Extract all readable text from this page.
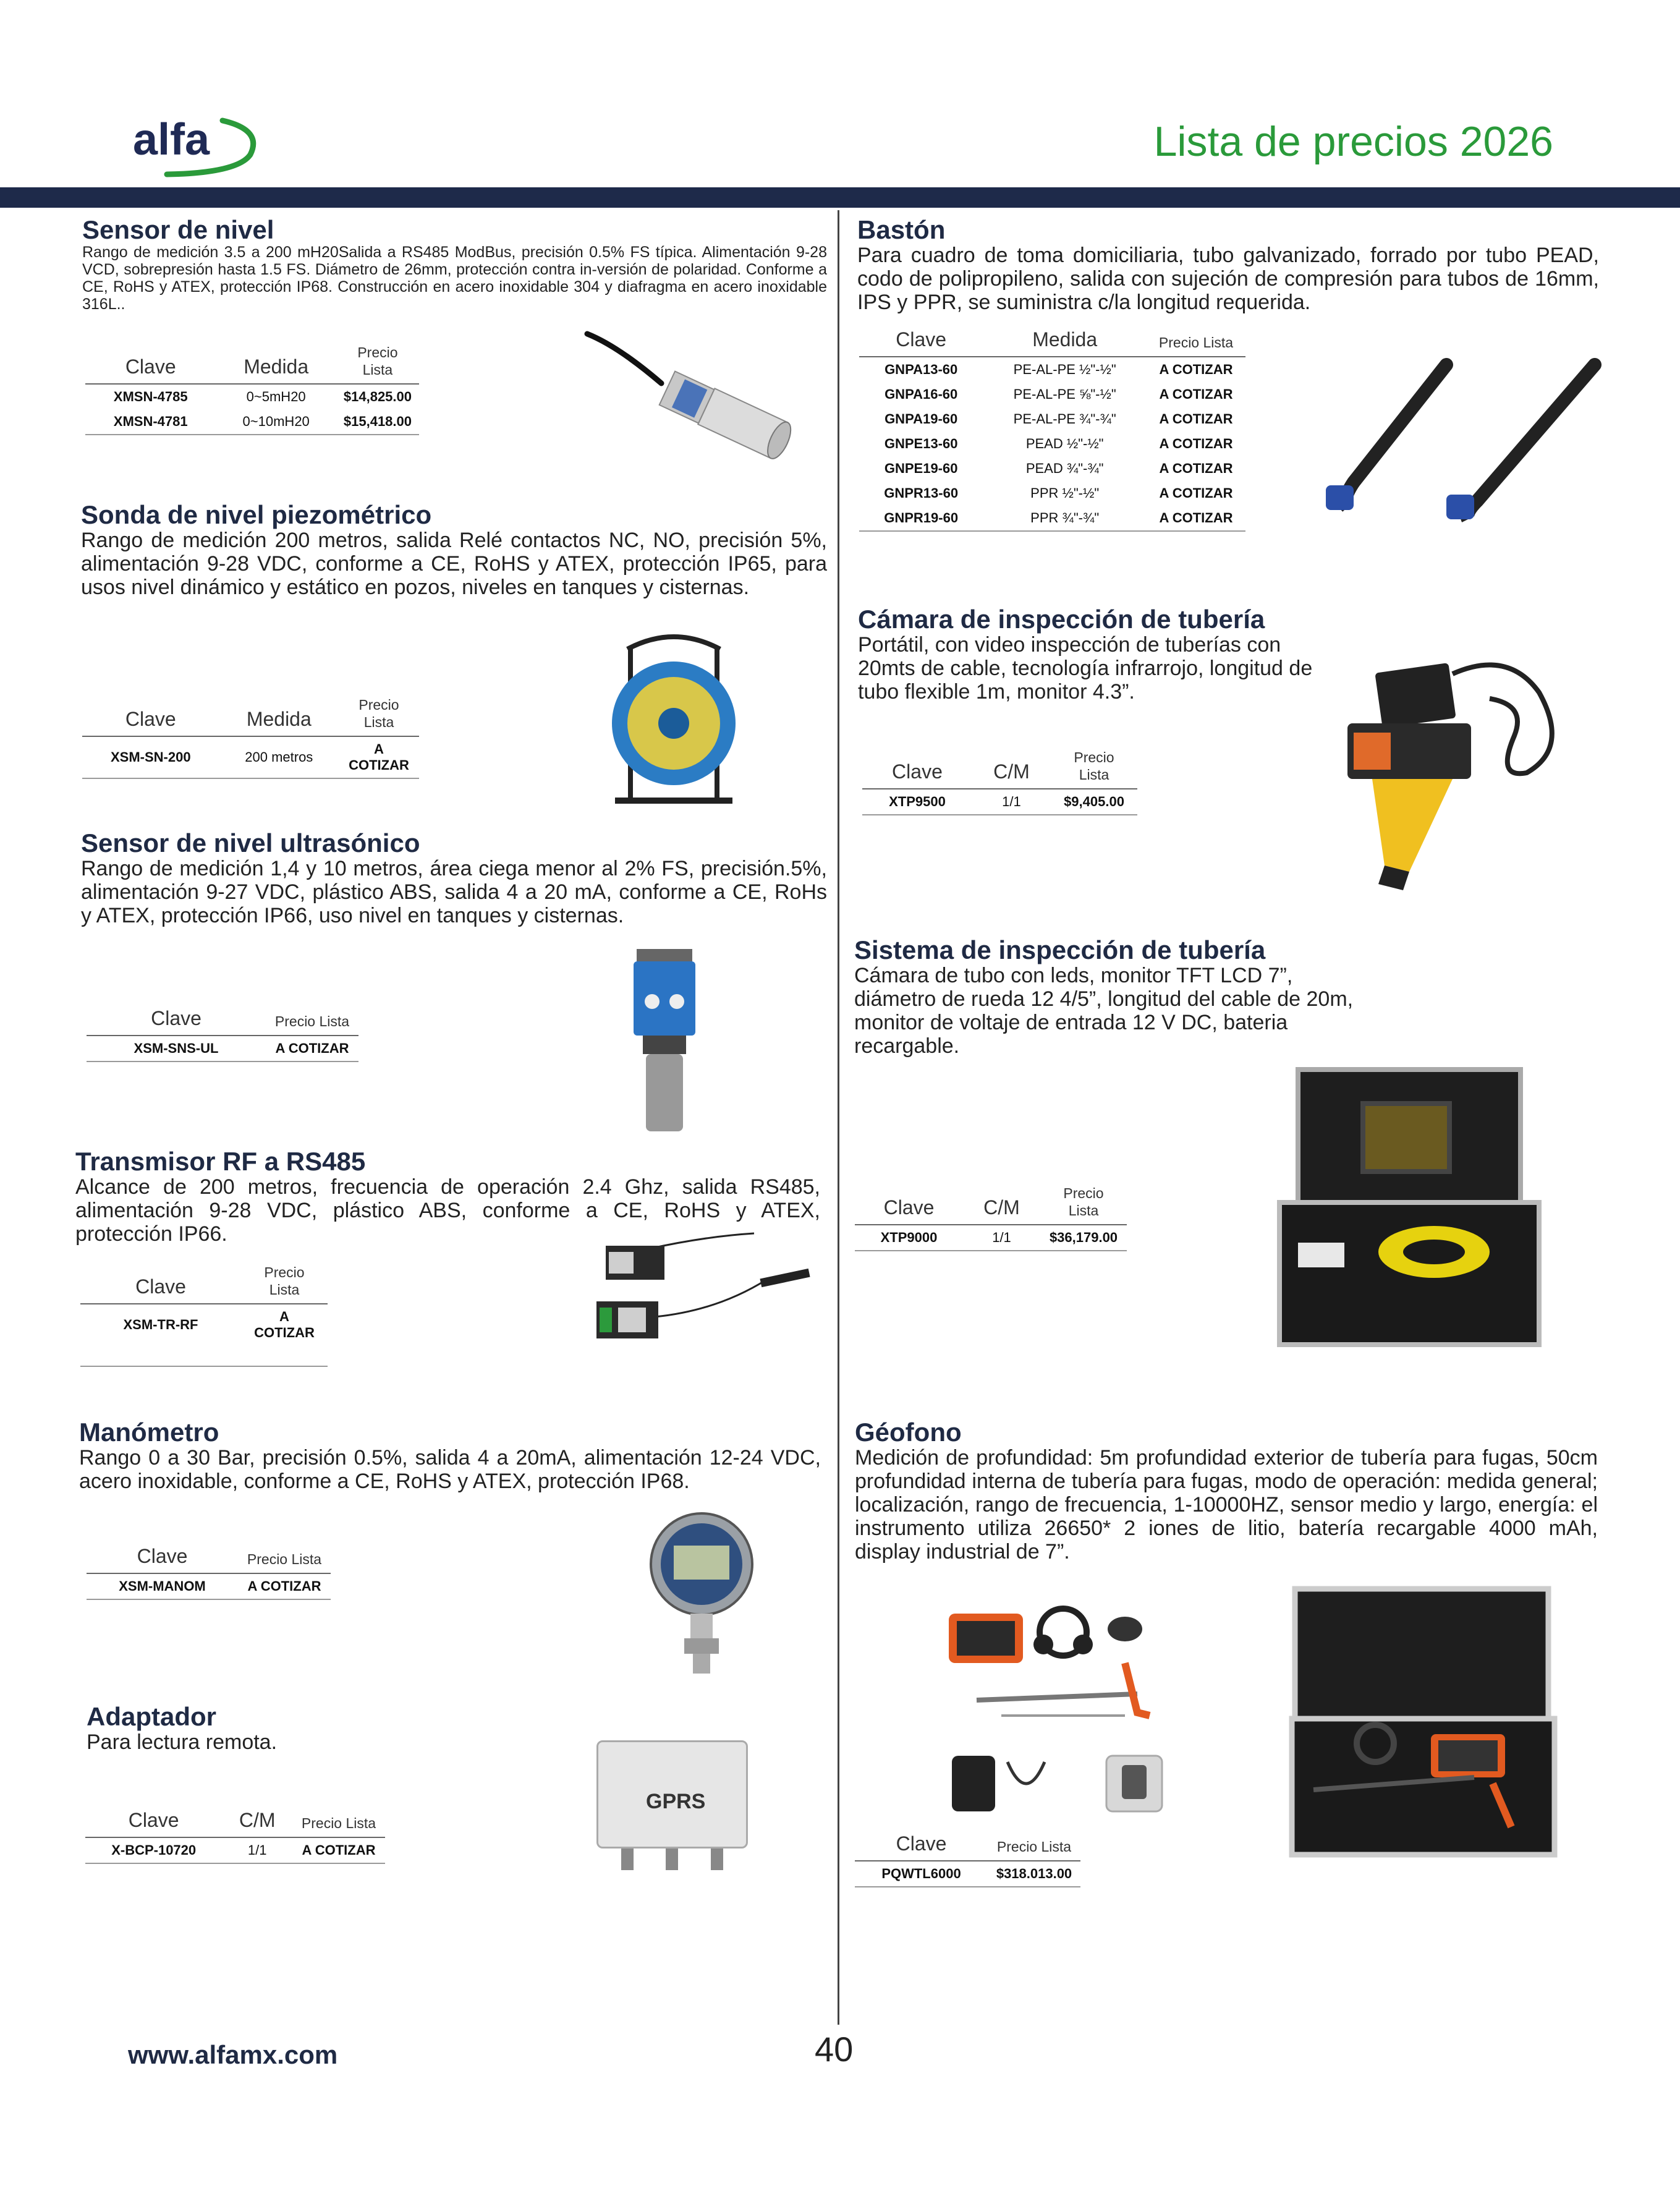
alfa	Lista de precios 2026
Sensor de nivel

Rango de medición 3.5 a 200 mH20Salida a RS485 ModBus, precisión 0.5% FS típica. Alimentación 9-28 VCD, sobrepresión hasta 1.5 FS. Diámetro de 26mm, protección contra in-versión de polaridad. Conforme a CE, RoHS y ATEX, protección IP68. Construcción en acero inoxidable 304 y diafragma en acero inoxidable 316L..

Clave	Medida	Precio Lista
XMSN-4785	0~5mH20	$14,825.00
XMSN-4781	0~10mH20	$15,418.00
Sonda de nivel piezométrico

Rango de medición 200 metros, salida Relé contactos NC, NO, precisión 5%, alimentación 9-28 VDC, conforme a CE, RoHS y ATEX, protección IP65, para usos nivel dinámico y estático en pozos, niveles en tanques y cisternas.

Clave	Medida	Precio Lista
XSM-SN-200	200 metros	A COTIZAR
Sensor de nivel ultrasónico

Rango de medición 1,4 y 10 metros, área ciega menor al 2% FS, precisión.5%, alimentación 9-27 VDC, plástico ABS, salida 4 a 20 mA, conforme a CE, RoHs y ATEX, protección IP66, uso nivel en tanques y cisternas.

Clave	Precio Lista
XSM-SNS-UL	A COTIZAR
Transmisor RF a RS485

Alcance de 200 metros, frecuencia de operación 2.4 Ghz, salida RS485, alimentación 9-28 VDC, plástico ABS, conforme a CE, RoHS y ATEX, protección IP66.

Clave	Precio Lista
XSM-TR-RF	A COTIZAR
Manómetro

Rango 0 a 30 Bar, precisión 0.5%, salida 4 a 20mA, alimentación 12-24 VDC, acero inoxidable, conforme a CE, RoHS y ATEX, protección IP68.

Clave	Precio Lista
XSM-MANOM	A COTIZAR
Adaptador

Para lectura remota.

Clave	C/M	Precio Lista
X-BCP-10720	1/1	A COTIZAR
GPRS
Bastón

Para cuadro de toma domiciliaria, tubo galvanizado, forrado por tubo PEAD, codo de polipropileno, salida con sujeción de compresión para tubos de 16mm, IPS y PPR, se suministra c/la longitud requerida.

Clave	Medida	Precio Lista
GNPA13-60	PE-AL-PE ½"-½"	A COTIZAR
GNPA16-60	PE-AL-PE ⅝"-½"	A COTIZAR
GNPA19-60	PE-AL-PE ¾"-¾"	A COTIZAR
GNPE13-60	PEAD ½"-½"	A COTIZAR
GNPE19-60	PEAD ¾"-¾"	A COTIZAR
GNPR13-60	PPR ½"-½"	A COTIZAR
GNPR19-60	PPR ¾"-¾"	A COTIZAR
Cámara de inspección de tubería

Portátil, con video inspección de tuberías con 20mts de cable, tecnología infrarrojo, longitud de tubo flexible 1m, monitor 4.3”.

Clave	C/M	Precio Lista
XTP9500	1/1	$9,405.00
Sistema de inspección de tubería

Cámara de tubo con leds, monitor TFT LCD 7”, diámetro de rueda 12 4/5”, longitud del cable de 20m, monitor de voltaje de entrada 12 V DC, bateria recargable.

Clave	C/M	Precio Lista
XTP9000	1/1	$36,179.00
Géofono

Medición de profundidad: 5m profundidad exterior de tubería para fugas, 50cm profundidad interna de tubería para fugas, modo de operación: medida general; localización, rango de frecuencia, 1-10000HZ, sensor medio y largo, energía: el instrumento utiliza 26650* 2 iones de litio, batería recargable 4000 mAh, display industrial de 7”.

Clave	Precio Lista
PQWTL6000	$318.013.00
www.alfamx.com	40
